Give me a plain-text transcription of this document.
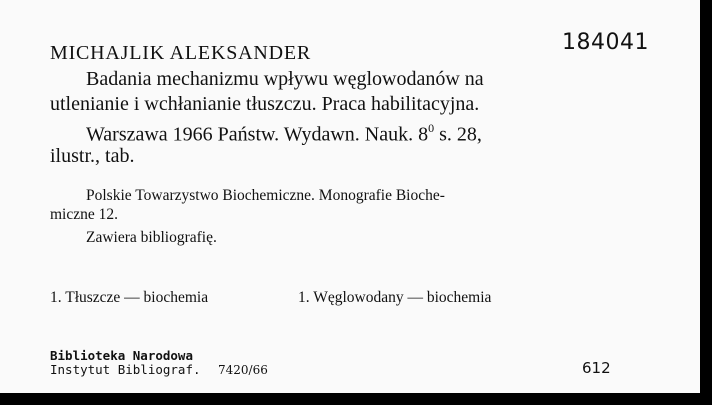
184041
MICHAJLIK ALEKSANDER
Badania mechanizmu wpływu węglowodanów na
utlenianie i wchłanianie tłuszczu. Praca habilitacyjna.
Warszawa 1966 Państw. Wydawn. Nauk. $8^0$ s. 28,
ilustr., tab.
Polskie Towarzystwo Biochemiczne. Monografie Bioche-
miczne 12.
Zawiera bibliografię.
1. Tłuszcze — biochemia	1. Węglowodany — biochemia
Biblioteka Narodowa
Instytut Bibliograf. 7420/66	612
